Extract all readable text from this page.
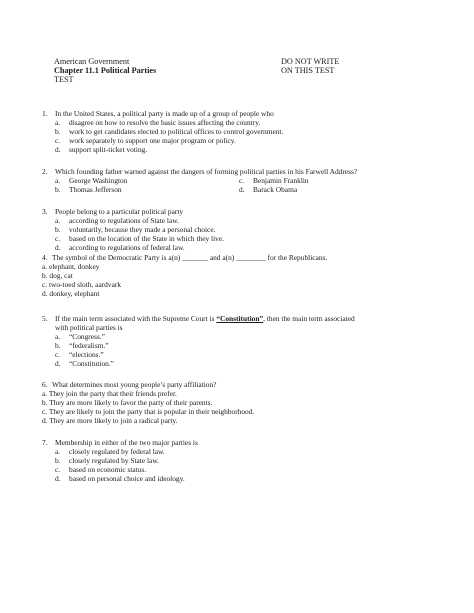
American Government
Chapter 11.1 Political Parties
TEST
DO NOT WRITE
ON THIS TEST
1. In the United States, a political party is made up of a group of people who
a. disagree on how to resolve the basic issues affecting the country.
b. work to get candidates elected to political offices to control government.
c. work separately to support one major program or policy.
d. support split-ticket voting.
2. Which founding father warned against the dangers of forming political parties in his Farwell Address?
a. George Washington	c. Benjamin Franklin
b. Thomas Jefferson	d. Barack Obama
3. People belong to a particular political party
a. according to regulations of State law.
b. voluntarily, because they made a personal choice.
c. based on the location of the State in which they live.
d. according to regulations of federal law.
4. The symbol of the Democratic Party is a(n) _______ and a(n) ________ for the Republicans.
a. elephant, donkey
b. dog, cat
c. two-toed sloth, aardvark
d. donkey, elephant
5. If the main term associated with the Supreme Court is “Constitution”, then the main term associated
with political parties is
a. “Congress.”
b. “federalism.”
c. “elections.”
d. “Constitution.”
6. What determines most young people’s party affiliation?
a. They join the party that their friends prefer.
b. They are more likely to favor the party of their parents.
c. They are likely to join the party that is popular in their neighborhood.
d. They are more likely to join a radical party.
7. Membership in either of the two major parties is
a. closely regulated by federal law.
b. closely regulated by State law.
c. based on economic status.
d. based on personal choice and ideology.
